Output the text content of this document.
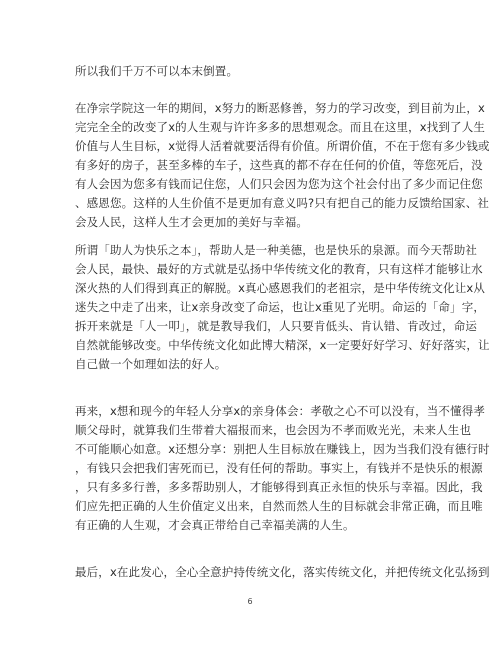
所以我们千万不可以本末倒置。
在净宗学院这一年的期间，x努力的断恶修善，努力的学习改变，到目前为止，x
完完全全的改变了x的人生观与许许多多的思想观念。而且在这里，x找到了人生
价值与人生目标，x觉得人活着就要活得有价值。所谓价值，不在于您有多少钱或
有多好的房子，甚至多棒的车子，这些真的都不存在任何的价值，等您死后，没
有人会因为您多有钱而记住您，人们只会因为您为这个社会付出了多少而记住您
、感恩您。这样的人生价值不是更加有意义吗?只有把自己的能力反馈给国家、社
会及人民，这样人生才会更加的美好与幸福。
所谓「助人为快乐之本」，帮助人是一种美德，也是快乐的泉源。而今天帮助社
会人民，最快、最好的方式就是弘扬中华传统文化的教育，只有这样才能够让水
深火热的人们得到真正的解脱。x真心感恩我们的老祖宗，是中华传统文化让x从
迷失之中走了出来，让x亲身改变了命运，也让x重见了光明。命运的「命」字，
拆开来就是「人一叩」，就是教导我们，人只要肯低头、肯认错、肯改过，命运
自然就能够改变。中华传统文化如此博大精深，x一定要好好学习、好好落实，让
自己做一个如理如法的好人。
再来，x想和现今的年轻人分享x的亲身体会：孝敬之心不可以没有，当不懂得孝
顺父母时，就算我们生带着大福报而来，也会因为不孝而败光光，未来人生也
不可能顺心如意。x还想分享：别把人生目标放在赚钱上，因为当我们没有德行时
，有钱只会把我们害死而已，没有任何的帮助。事实上，有钱并不是快乐的根源
，只有多多行善，多多帮助别人，才能够得到真正永恒的快乐与幸福。因此，我
们应先把正确的人生价值定义出来，自然而然人生的目标就会非常正确，而且唯
有正确的人生观，才会真正带给自己幸福美满的人生。
最后，x在此发心，全心全意护持传统文化，落实传统文化，并把传统文化弘扬到
6
